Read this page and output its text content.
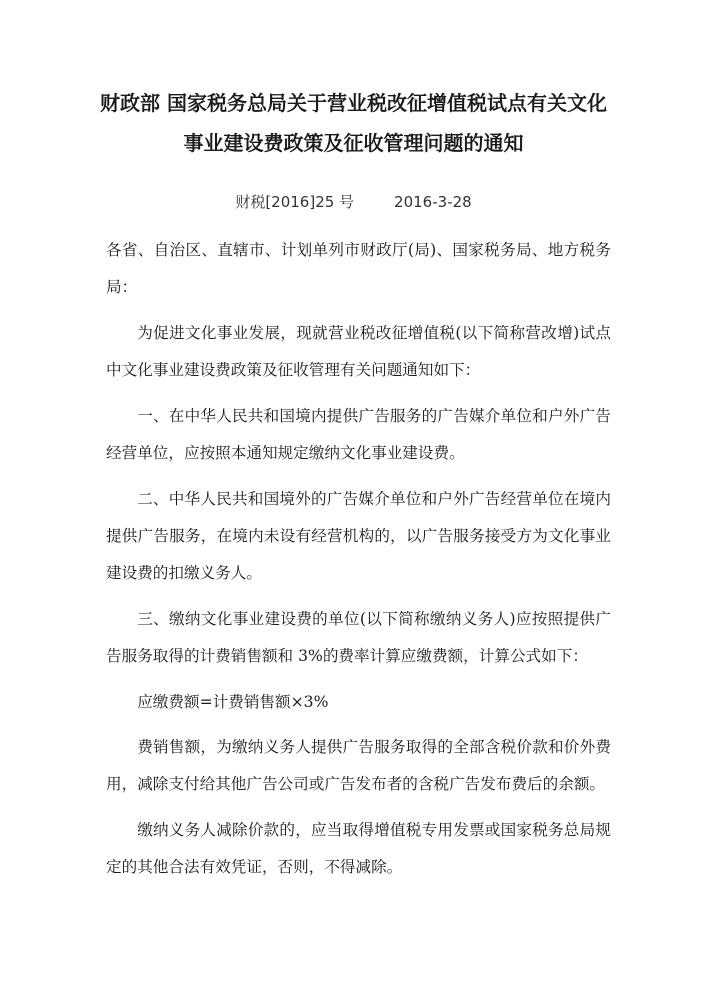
财政部 国家税务总局关于营业税改征增值税试点有关文化
事业建设费政策及征收管理问题的通知
财税[2016]25 号	2016-3-28

各省、自治区、直辖市、计划单列市财政厅(局)、国家税务局、地方税务局：

为促进文化事业发展，现就营业税改征增值税(以下简称营改增)试点中文化事业建设费政策及征收管理有关问题通知如下：

一、在中华人民共和国境内提供广告服务的广告媒介单位和户外广告经营单位，应按照本通知规定缴纳文化事业建设费。

二、中华人民共和国境外的广告媒介单位和户外广告经营单位在境内提供广告服务，在境内未设有经营机构的，以广告服务接受方为文化事业建设费的扣缴义务人。

三、缴纳文化事业建设费的单位(以下简称缴纳义务人)应按照提供广告服务取得的计费销售额和 3%的费率计算应缴费额，计算公式如下：

应缴费额=计费销售额×3%

费销售额，为缴纳义务人提供广告服务取得的全部含税价款和价外费用，减除支付给其他广告公司或广告发布者的含税广告发布费后的余额。

缴纳义务人减除价款的，应当取得增值税专用发票或国家税务总局规定的其他合法有效凭证，否则，不得减除。
